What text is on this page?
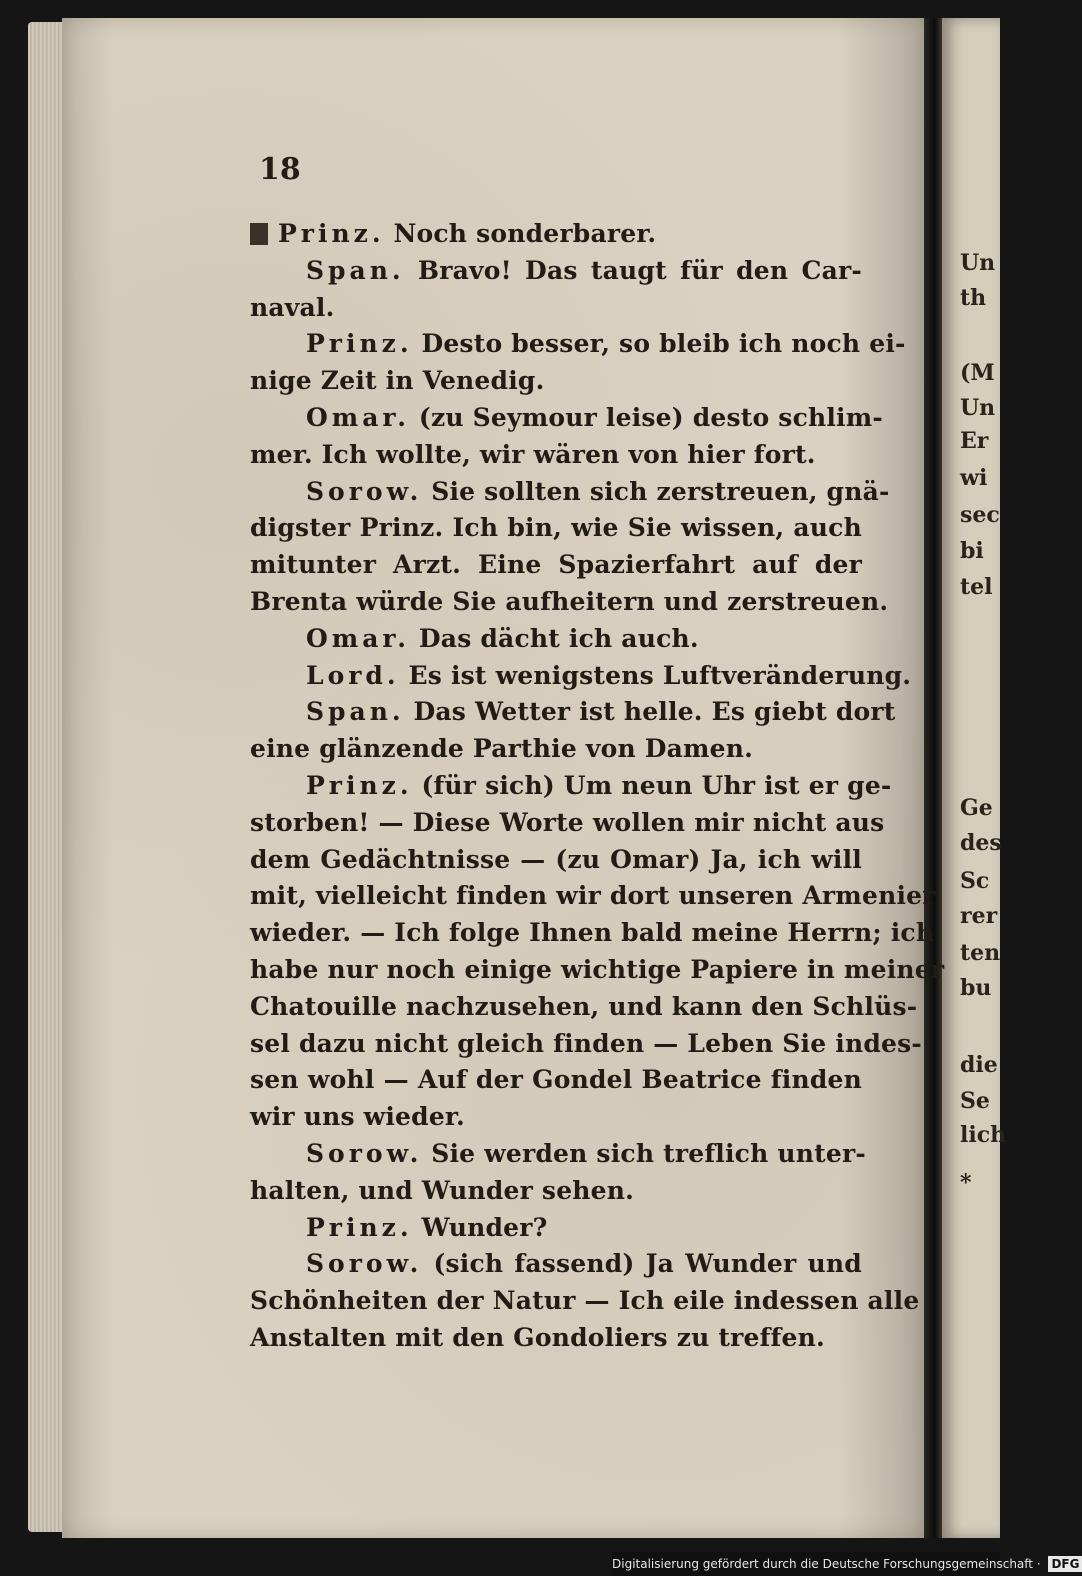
Un
th
(M
Un
Er
wi
sec
bi
tel
Ge
des
Sc
rer
ten
bu
die
Se
lich
*
18
Prinz. Noch sonderbarer.
Span. Bravo! Das taugt für den Car-
naval.
Prinz. Desto besser, so bleib ich noch ei-
nige Zeit in Venedig.
Omar. (zu Seymour leise) desto schlim-
mer. Ich wollte, wir wären von hier fort.
Sorow. Sie sollten sich zerstreuen, gnä-
digster Prinz. Ich bin, wie Sie wissen, auch
mitunter Arzt. Eine Spazierfahrt auf der
Brenta würde Sie aufheitern und zerstreuen.
Omar. Das dächt ich auch.
Lord. Es ist wenigstens Luftveränderung.
Span. Das Wetter ist helle. Es giebt dort
eine glänzende Parthie von Damen.
Prinz. (für sich) Um neun Uhr ist er ge-
storben! — Diese Worte wollen mir nicht aus
dem Gedächtnisse — (zu Omar) Ja, ich will
mit, vielleicht finden wir dort unseren Armenier
wieder. — Ich folge Ihnen bald meine Herrn; ich
habe nur noch einige wichtige Papiere in meiner
Chatouille nachzusehen, und kann den Schlüs-
sel dazu nicht gleich finden — Leben Sie indes-
sen wohl — Auf der Gondel Beatrice finden
wir uns wieder.
Sorow. Sie werden sich treflich unter-
halten, und Wunder sehen.
Prinz. Wunder?
Sorow. (sich fassend) Ja Wunder und
Schönheiten der Natur — Ich eile indessen alle
Anstalten mit den Gondoliers zu treffen.
Digitalisierung gefördert durch die Deutsche Forschungsgemeinschaft · DFG
